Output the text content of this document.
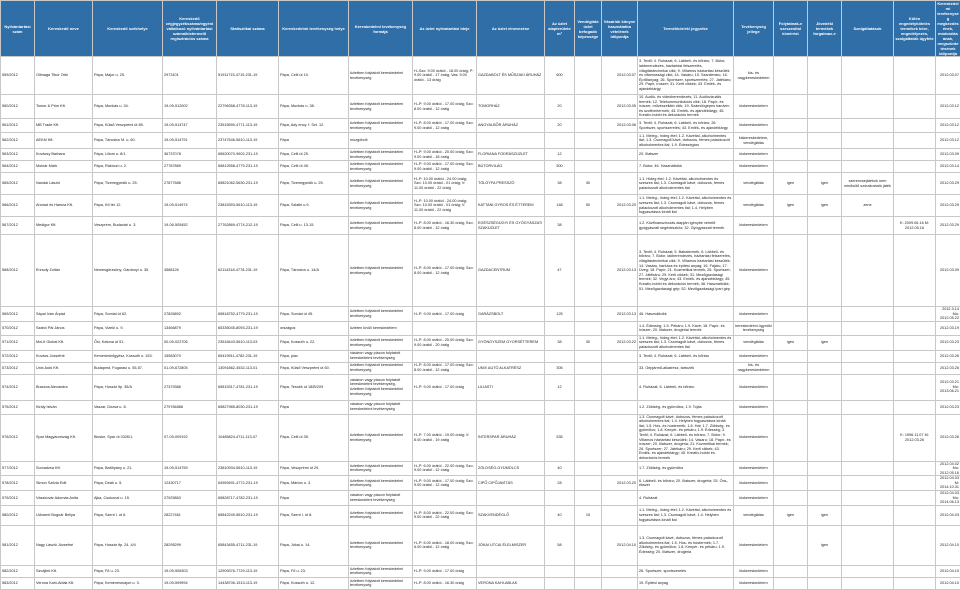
Nyilvántartási szám	Kereskedő neve	Kereskedő székhelye	Kereskedő cégjegyzékszáma/egyéni vállalkozó nyilvántartási száma/kistermelő regisztrációs száma	Statisztikai száma	Kereskedelmi tevékenység helye	Kereskedelmi tevékenység formája	Az üzlet nyitvatartási ideje	Az üzlet elnevezése	Az üzlet alapterülete m²	Vendéglátó üzlet befogadó képessége	Vásárlók könyve használatba vételének időpontja	Termékkör/ek/ jegyzéke	Tevékenység jellege	Folytatnak-e szeszesital kimérést	Jövedéki termékek forgalmaz-e	Szolgáltatások	Külön engedélyköteles termékek köre, engedélyezés, szolgáltatók ügyfele	Kereskedelmi tevékenység megkezdésének, módosításának, megszüntetésének időpontja
559/2012	Ollmaga Tibor Ottó	Pápa, Major u. 25.	2973101	51911715-4719-231-19	Pápa, Celli út 10.	üzletben folytatott kereskedelmi tevékenység	H–Szo: 9.00 órától - 18.00 óráig; P: 9.00 órától - 17 óráig; Vas: 9.00 órától - 13 óráig	GAZDABOLT ÉS MŰSZAKI ÁRUHÁZ	600		2012.03.07	3. Textil; 4. Ruházat; 6. Lábbeli- és bőráru; 7. Bútor, lakberendezés, háztartási felszerelés, világítástechnikai cikk; 9. Villamos háztartási készülék és villamossági cikk; 14. Vasáru; 15. Szaniteráru; 16. Építőanyag; 26. Sportszer, sportszerelés; 27. Játékáru; 29. Papír, írószer; 31. Kerti cikkek; 43. Emlék- és ajándéktárgy	kis- és nagykereskedelem					2012.03.07
560/2012	Tomor & Prim Kft.	Pápa, Munkás u. 34.	19-09-512002	22796358-4778-113-19	Pápa, Munkás u. 38.	üzletben folytatott kereskedelmi tevékenység	H–P: 9.00 órától - 17.00 óráig; Szo: 8.00 órától - 12 óráig	TOMORHÁZ	20		2012.03.05	10. Audió- és videoberendezés; 11. Audiovizuális termék; 12. Telekommunikációs cikk; 18. Papír- és írószer, művészellátó cikk; 19. Számítógépes hardver- és szoftvertermék; 43. Emlék- és ajándéktárgy; 45. Kreatív-hobbi és dekorációs termék	kiskereskedelem					2012.03.12
561/2012	MB Trade Kft.	Pápa, Külső Veszprémi út 85.	19-09-514747	23515590-4771-113-19	Pápa, Ady ency. f. Szt. 12.	üzletben folytatott kereskedelmi tevékenység	H–P: 8.00 órától - 17.00 óráig; Szo: 9.00 órától - 12 óráig	ANGYALBŐR ÁRUHÁZ	20		2012.03.06	3. Textil; 4. Ruházat; 6. Lábbeli- és bőráru; 26. Sportszer, sportszerelés; 43. Emlék- és ajándéktárgy	kiskereskedelem					2012.03.12
562/2012	AEKM Kft.	Pápa, Táncsics M. u. 60.	19-09-514791	23747546-5610-113-19	Pápa	mozgóbolt						1.1. Meleg-, hideg étel; 1.2. Kávéital, alkoholmentes ital; 1.3. Csomagolt kávé, dobozos, fémes palackozott alkoholmentes ital; 1.9. Édességáru	kiskereskedelem, vendéglátás					2012.03.12
563/2012	Kovácsy Barbara	Pápa, Liliom u. 8/1.	36737078	65620070-9602-231-19	Pápa, Celli út 25.	üzletben folytatott kereskedelmi tevékenység	H–P: 9.00 órától - 20.00 óráig; Szo: 9.00 órától - 18 óráig	FLORIANA FODRÁSZÜZLET	12			20. Illatszer	kiskereskedelem					2012.03.09
564/2012	Molnár Márk	Pápa, Rákóczi u. 2.	27787889	65812558-4779-231-19	Pápa, Celli út 45.	üzletben folytatott kereskedelmi tevékenység	H–P: 9.00 órától - 17.00 óráig; Szo: 9.00 órától - 12 óráig	BÚTORVILÁG	500			7. Bútor; 46. Használtcikk	kiskereskedelem					2012.03.14
565/2012	Nandai László	Pápa, Tizenegyedik u. 25.	27877686	65821062-5630-231-19	Pápa, Tizenegyedik u. 25.	üzletben folytatott kereskedelmi tevékenység	H–P: 10.00 órától - 24.00 óráig; Szo: 10.00 órától - 01 óráig; V: 11.00 órától - 22 óráig	TÖLGYFA PRESSZÓ	38	30		1.1. Hideg étel; 1.2. Kávéital, alkoholmentes és szeszes ital; 1.3. Csomagolt kávé, dobozos, fémes palackozott alkoholmentes ital	vendéglátás	igen	igen	szerencsejátékok nem minősülő szórakoztató játék		2012.03.29
566/2012	Ahmad és Hamza Kft.	Pápa, Kő tér 12.	19-09-514974	23815393-5610-113-19	Pápa, Szlatki u.9.	üzletben folytatott kereskedelmi tevékenység	H–P: 10.00 órától - 24.00 óráig; Szo: 10.00 órától - 01 óráig; V: 11.00 órától - 22 óráig	KATTANI GYROS ÉS ÉTTEREM	148	50	2012.03.20	1.1. Meleg-, hideg étel; 1.2. Kávéital, alkoholmentes és szeszes ital; 1.3. Csomagolt kávé, dobozos, fémes palackozott alkoholmentes ital; 1.4. Helyben fogyasztásra kínált ital	vendéglátás	igen	igen	zene		2012.03.29
567/2012	Medigor Kft.	Veszprém, Budavári u. 3.	19-06-505452	27762869-4774-212-19	Pápa, Celli u. 13-15.	üzletben folytatott kereskedelmi tevékenység	H–P: 8.00 órától - 16.30 óráig; Szo: 8.00 órától - 12 óráig	EGÉSZSÉGÜGYI ÉS GYÓGYÁSZATI SZAKÜZLET	38			1.2. Közfinanszírozás alapján igénybe vehető gyógyászati segédeszköz; 32. Gyógyászati termék	kiskereskedelem				K: 2009.06.16 M: 2012.05.16	2012.03.29
568/2012	Erzsoly Zoltán	Nemesgörzsöny, Gárdonyi u. 35.	4588126	62114318-4778-231-19	Pápa, Táncsics u. 14/A	üzletben folytatott kereskedelmi tevékenység	H–P: 8.00 órától - 17.00 óráig; Szo: 8.00 órától - 12 óráig	GAZDACENTRUM	47		2012.03.13	3. Textil; 4. Ruházat; 5. Babatermék; 6. Lábbeli- és bőráru; 7. Bútor, lakberendezés, háztartási felszerelés, világítástechnikai cikk; 9. Villamos háztartási készülék; 14. Vasáru, barkács és építési anyag; 16. Fajáru; 17. Üveg; 18. Papír; 21. Kozmetikai termék; 26. Sportszer; 27. Játékáru; 29. Kerti cikkek; 31. Mezőgazdasági termék; 32. Vegyi áru; 43. Emlék- és ajándéktárgy; 45. Kreatív-hobbi és dekorációs termék; 46. Használtcikk; 51. Mezőgazdasági gép; 52. Mezőgazdasági ipari gép	kiskereskedelem					2012.03.09
569/2012	Sápai Iván Árpád	Pápa, Somlai út 62.	27826892	65818752-4779-231-19	Pápa, Somlai út 45.	üzletben folytatott kereskedelmi tevékenység	H–P: 9.00 órától - 17.00 óráig	GARÁZSBOLT	125		2012.03.13	46. Használtcikk	kiskereskedelem					2012.3.14 Mo: 2012.05.22
570/2012	Szabó Pál János	Pápa, Vizeki u. 9.	13466879	65335045-8093-231-19	országos	üzleten kívüli kereskedelem						1.4. Édesség; 1.5. Pékáru; 1.9. Kávé; 18. Papír- és írószer; 20. Illatszer, drogériai termék	kereskedelmi ügynöki tevékenység					2012.03.19
571/2012	Mol-ti Global Kft.	Ősi, Katona út 51.	00-09-022706	23518443-5610-113-03	Pápa, Kossuth u. 22.	üzletben folytatott kereskedelmi tevékenység	H–P: 8.00 órától - 20.00 óráig; Szo: 9.00 órától - 20 óráig	GYÖNGYSZEM GYORSÉTTEREM	38	30	2012.03.22	1.1. Meleg-, hideg étel; 1.2. Kávéital, alkoholmentes és szeszes ital; 1.3. Csomagolt kávé, dobozos, fémes palackozott alkoholmentes ital	vendéglátás	igen	igen			2012.03.23
572/2012	Kovács Józsefné	Kemeneshőgyész, Kossuth u. 153.	15583070	65419911-4782-231-19	Pápa, piac	vásáron vagy piacon folytatott kereskedelmi tevékenység						3. Textil; 4. Ruházat; 6. Lábbeli- és bőráru	kiskereskedelem					2012.03.26
573/2012	Unix Autó Kft.	Budapest, Fogarasi u. 55-57.	01-09-672805	13091862-4532-113-01	Pápa, Külső Veszprémi út 60.	üzletben folytatott kereskedelmi tevékenység	H–P: 8.00 órától - 17.00 óráig; Szo: 8.00 órától - 12 óráig	UNIX AUTÓ ALKATRÉSZ	305			33. Gépjármű-alkatrész, tartozék	kis- és nagykereskedelem					2012.03.26
574/2012	Bracsos Alexandra	Pápa, Huszár ltp. 35/A	27379386	65815317-4781-231-19	Pápa, Tessék út 18/B/209	vásáron vagy piacon folytatott kereskedelmi tevékenység, üzletben folytatott kereskedelmi tevékenység	H–P: 9.00 órától - 17.00 óráig	LILIASTI	12			4. Ruházat; 6. Lábbeli- és bőráru	kiskereskedelem					2012.03.21 Mo: 2013.06.21
575/2012	Király István	Vaszar, Dózsa u. 8.	279784888	65827985-8030-231-19	Pápa	vásáron vagy piacon folytatott kereskedelmi tevékenység						1.2. Zöldség- és gyümölcs; 1.9. Tojás	kiskereskedelem					2012.03.23
576/2012	Spar Magyarország Kft.	Bicske, Spar út 0326/1.	07-09-009192	10485824-4711-113-07	Pápa, Celli út 35.	üzletben folytatott kereskedelmi tevékenység	H–P: 7.00 órától - 19.00 óráig; V: 8.00 órától - 19 óráig	INTERSPAR ÁRUHÁZ	535			1.3. Csomagolt kávé, dobozos, fémes palackozott alkoholmentes ital; 1.4. Helyben fogyasztásra kínált ital; 1.5. Hús- és hústermék; 1.6. Hal; 1.7. Zöldség- és gyümölcs; 1.8. Kenyér- és pékáru; 1.9. Édesség; 3. Textil; 4. Ruházat; 6. Lábbeli- és bőráru; 7. Bútor; 9. Villamos háztartási készülék; 14. Vasáru; 18. Papír- és írószer; 20. Illatszer, drogéria; 21. Kozmetikai termék; 26. Sportszer; 27. Játékáru; 29. Kerti cikkek; 43. Emlék- és ajándéktárgy; 45. Kreatív-hobbi és dekorációs termék	kiskereskedelem				K: 1996.11.07 M: 2012.03.26	2012.03.26
577/2012	Sorvadzsa Kft.	Pápa, Batthyány u. 21.	19-09-514759	23810934-5610-113-19	Pápa, Veszprémi út 29.	üzletben folytatott kereskedelmi tevékenység	H–P: 6.00 órától - 22.00 óráig; Szo: 9.00 órától - 12 óráig	ZÖLDSÉG-GYÜMÖLCS	40			1.7. Zöldség- és gyümölcs	kiskereskedelem					2012.04.02 Mo: 2012.05.16
578/2012	Simon Szilvia Edit	Pápa, Deák u. 5.	12430717	64959491-4772-231-19	Pápa, Márton u. 3.	üzletben folytatott kereskedelmi tevékenység	H–P: 9.00 órától - 17.00 óráig; Szo: 9.00 órától - 12 óráig	CIPŐ CIPŐJAVÍTÁS	28		2012.03.20	6. Lábbeli- és bőráru; 20. Illatszer, drogéria; 25. Óra-, ékszer	kiskereskedelem					2012.04.03 M: 2014.10.31
579/2012	Vászkovár Adomás Anita	Ajka, Csokonai u. 15.	27925863	65828717-4782-231-19	Pápa	vásáron vagy piacon folytatott kereskedelmi tevékenység						4. Ruházat	kiskereskedelem					2012.04.03 Mo: 2014.06.13
580/2012	Udvarrel Bognár Beliya	Pápa, Szent I. út 6.	28227461	65842249-5610-231-19	Pápa, Szent I. út 8.	üzletben folytatott kereskedelmi tevékenység	H–P: 8.00 órától - 22.00 óráig; Szo: 9.00 órától - 22 óráig	SZAKVENDÉGLŐ	40	15		1.1. Meleg-, hideg étel; 1.2. Kávéital, alkoholmentes és szeszes ital; 1.3. Csomagolt kávé; 1.4. Helyben fogyasztásra kínált ital	vendéglátás	igen	igen			2012.04.03
581/2012	Nagy László Józsefné	Pápa, Huszár ltp. 24. 4/4	28295299	65843455-4711-231-19	Pápa, Jókai u. 14.	üzletben folytatott kereskedelmi tevékenység	H–P: 6.00 órától - 18.00 óráig; Szo: 6.00 órától - 12 óráig	JÓKAI UTCAI ÉLELMISZER	58		2012.04.10	1.3. Csomagolt kávé, dobozos, fémes palackozott alkoholmentes ital; 1.5. Hús- és hústermék; 1.7. Zöldség- és gyümölcs; 1.8. Kenyér- és pékáru; 1.9. Édesség; 20. Illatszer, drogéria	kiskereskedelem		igen			2012.04.10
582/2012	Szvájtek Kft.	Pápa, Fő u. 23.	19-09-506303	12909376-7729-113-19	Pápa, Fő u. 23.	üzletben folytatott kereskedelmi tevékenység	H–P: 9.00 órától - 17.00 óráig					26. Sportszer, sportszerelés	kiskereskedelem					2012.04.10
583/2012	Verona Kahi-Ablak Kft.	Pápa, Kemenesmajori u. 3.	19-09-599994	14438706-1513-113-19	Pápa, Kossuth u. 12.	üzletben folytatott kereskedelmi tevékenység	H–P: 8.00 órától - 16.30 óráig	VERONA KAHI-ABLAK				19. Épitési anyag	kiskereskedelem					2012.04.10
